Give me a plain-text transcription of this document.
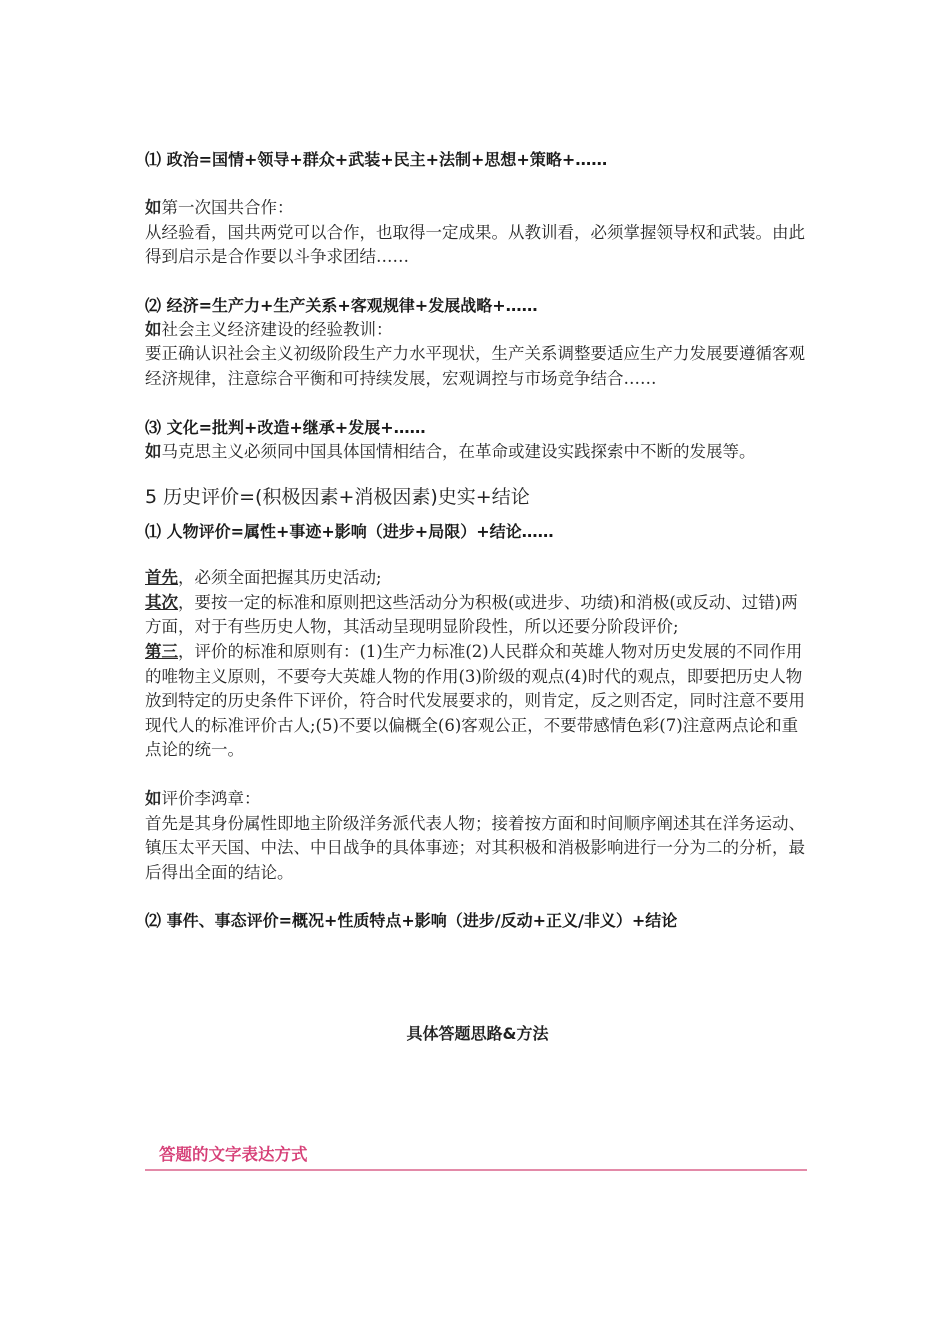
⑴ 政治=国情+领导+群众+武装+民主+法制+思想+策略+……

如第一次国共合作：

从经验看，国共两党可以合作，也取得一定成果。从教训看，必须掌握领导权和武装。由此得到启示是合作要以斗争求团结……

⑵ 经济=生产力+生产关系+客观规律+发展战略+……

如社会主义经济建设的经验教训：

要正确认识社会主义初级阶段生产力水平现状，生产关系调整要适应生产力发展要遵循客观经济规律，注意综合平衡和可持续发展，宏观调控与市场竞争结合……

⑶ 文化=批判+改造+继承+发展+……

如马克思主义必须同中国具体国情相结合，在革命或建设实践探索中不断的发展等。

5 历史评价=(积极因素+消极因素)史实+结论

⑴ 人物评价=属性+事迹+影响（进步+局限）+结论……

首先，必须全面把握其历史活动;

其次，要按一定的标准和原则把这些活动分为积极(或进步、功绩)和消极(或反动、过错)两方面，对于有些历史人物，其活动呈现明显阶段性，所以还要分阶段评价;

第三，评价的标准和原则有：(1)生产力标准(2)人民群众和英雄人物对历史发展的不同作用的唯物主义原则，不要夸大英雄人物的作用(3)阶级的观点(4)时代的观点，即要把历史人物放到特定的历史条件下评价，符合时代发展要求的，则肯定，反之则否定，同时注意不要用现代人的标准评价古人;(5)不要以偏概全(6)客观公正，不要带感情色彩(7)注意两点论和重点论的统一。

如评价李鸿章：

首先是其身份属性即地主阶级洋务派代表人物；接着按方面和时间顺序阐述其在洋务运动、镇压太平天国、中法、中日战争的具体事迹；对其积极和消极影响进行一分为二的分析，最后得出全面的结论。

⑵ 事件、事态评价=概况+性质特点+影响（进步/反动+正义/非义）+结论

具体答题思路&方法

答题的文字表达方式
